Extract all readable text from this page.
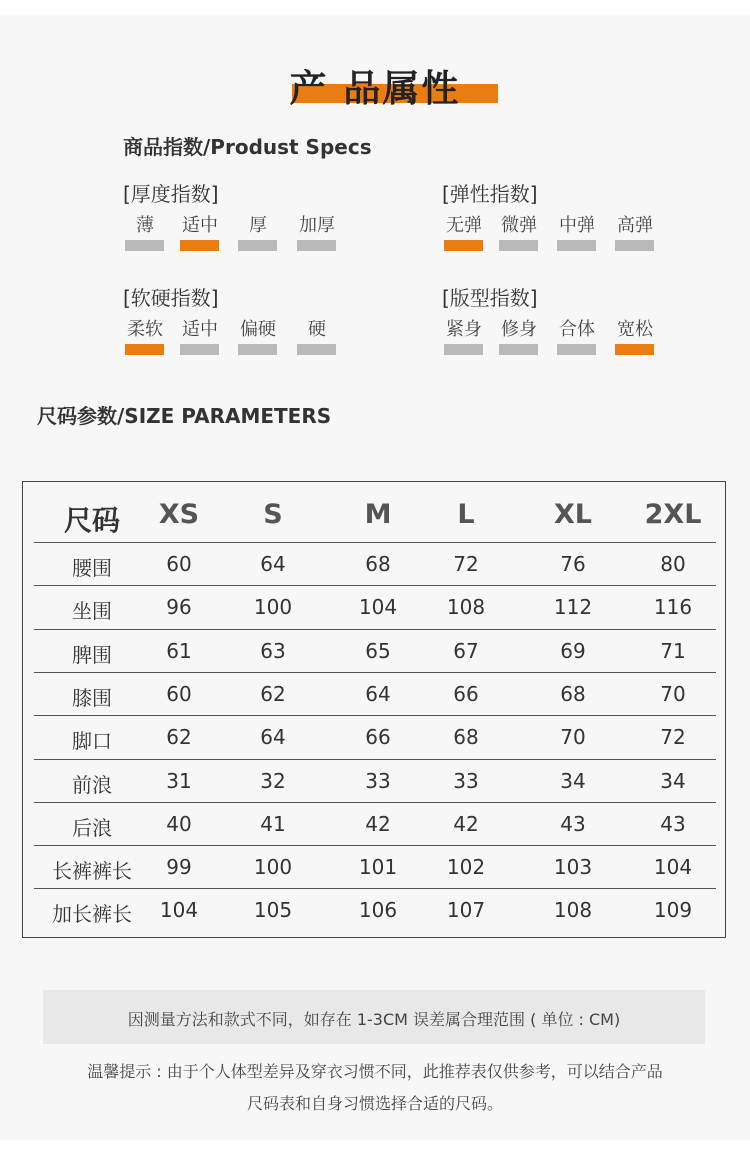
产 品属性
商品指数/Produst Specs
[厚度指数]
薄	适中	厚	加厚
[弹性指数]
无弹 微弹 中弹 高弹
[软硬指数]
柔软 适中 偏硬	硬
[版型指数]
紧身 修身 合体 宽松
尺码参数/SIZE PARAMETERS
尺码 XS S	M L	XL 2XL
腰围	60	64	68	72	76	80
坐围	96	100	104 108	112	116
脾围	61	63	65	67	69	71
膝围	60	62	64	66	68	70
脚口	62	64	66	68	70	72
前浪	31	32	33	33	34	34
后浪	40	41	42	42	43	43
长裤裤长 99	100	101 102	103	104
加长裤长 104	105	106 107	108	109
因测量方法和款式不同，如存在 1-3CM 误差属合理范围 ( 单位 : CM)
温馨提示 : 由于个人体型差异及穿衣习惯不同，此推荐表仅供参考，可以结合产品
尺码表和自身习惯选择合适的尺码。
